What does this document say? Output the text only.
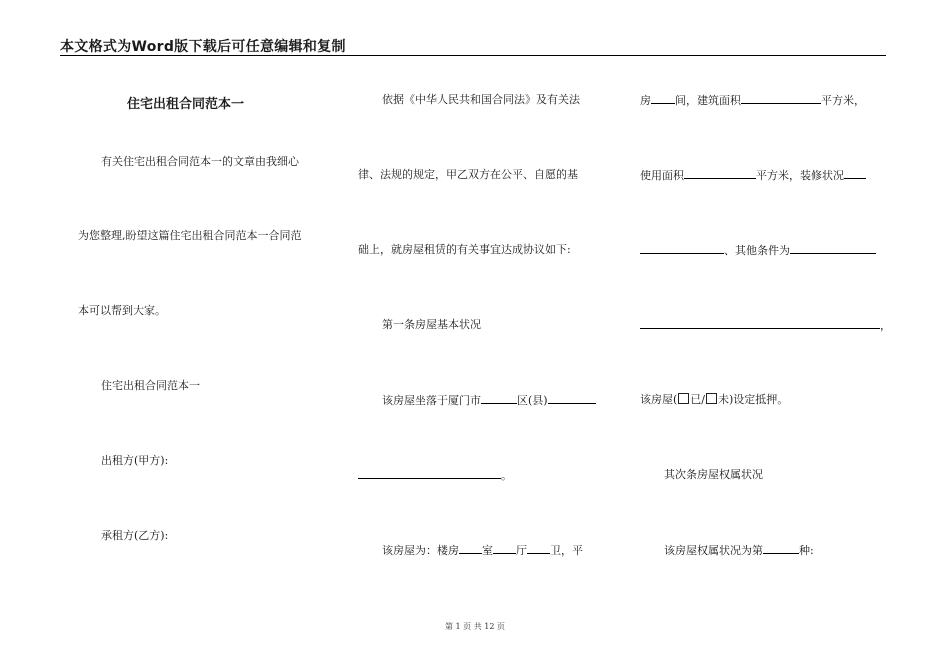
本文格式为Word版下载后可任意编辑和复制
住宅出租合同范本一
有关住宅出租合同范本一的文章由我细心
为您整理,盼望这篇住宅出租合同范本一合同范
本可以帮到大家。
住宅出租合同范本一
出租方(甲方):
承租方(乙方):
依据《中华人民共和国合同法》及有关法
律、法规的规定，甲乙双方在公平、自愿的基
础上，就房屋租赁的有关事宜达成协议如下:
第一条房屋基本状况
该房屋坐落于厦门市	区(县)
。
该房屋为：楼房 室 厅 卫，平
房 间，建筑面积	平方米，
使用面积	平方米，装修状况
、其他条件为
，
该房屋( 已/ 未)设定抵押。
其次条房屋权属状况
该房屋权属状况为第	种:
第 1 页 共 12 页
